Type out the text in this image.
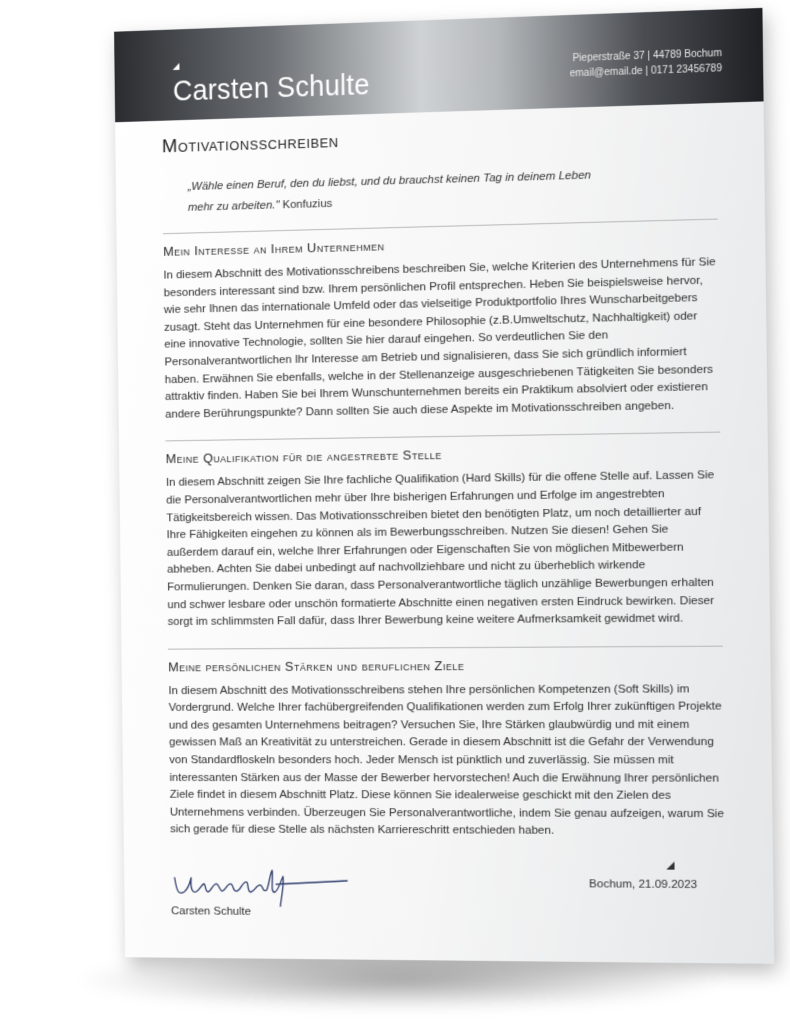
Carsten Schulte
Pieperstraße 37 | 44789 Bochum
email@email.de | 0171 23456789
Motivationsschreiben
„Wähle einen Beruf, den du liebst, und du brauchst keinen Tag in deinem Leben mehr zu arbeiten." Konfuzius
Mein Interesse an Ihrem Unternehmen
In diesem Abschnitt des Motivationsschreibens beschreiben Sie, welche Kriterien des Unternehmens für Sie besonders interessant sind bzw. Ihrem persönlichen Profil entsprechen. Heben Sie beispielsweise hervor, wie sehr Ihnen das internationale Umfeld oder das vielseitige Produktportfolio Ihres Wunscharbeitgebers zusagt. Steht das Unternehmen für eine besondere Philosophie (z.B.Umweltschutz, Nachhaltigkeit) oder eine innovative Technologie, sollten Sie hier darauf eingehen. So verdeutlichen Sie den Personalverantwortlichen Ihr Interesse am Betrieb und signalisieren, dass Sie sich gründlich informiert haben. Erwähnen Sie ebenfalls, welche in der Stellenanzeige ausgeschriebenen Tätigkeiten Sie besonders attraktiv finden. Haben Sie bei Ihrem Wunschunternehmen bereits ein Praktikum absolviert oder existieren andere Berührungspunkte? Dann sollten Sie auch diese Aspekte im Motivationsschreiben angeben.
Meine Qualifikation für die angestrebte Stelle
In diesem Abschnitt zeigen Sie Ihre fachliche Qualifikation (Hard Skills) für die offene Stelle auf. Lassen Sie die Personalverantwortlichen mehr über Ihre bisherigen Erfahrungen und Erfolge im angestrebten Tätigkeitsbereich wissen. Das Motivationsschreiben bietet den benötigten Platz, um noch detaillierter auf Ihre Fähigkeiten eingehen zu können als im Bewerbungsschreiben. Nutzen Sie diesen! Gehen Sie außerdem darauf ein, welche Ihrer Erfahrungen oder Eigenschaften Sie von möglichen Mitbewerbern abheben. Achten Sie dabei unbedingt auf nachvollziehbare und nicht zu überheblich wirkende Formulierungen. Denken Sie daran, dass Personalverantwortliche täglich unzählige Bewerbungen erhalten und schwer lesbare oder unschön formatierte Abschnitte einen negativen ersten Eindruck bewirken. Dieser sorgt im schlimmsten Fall dafür, dass Ihrer Bewerbung keine weitere Aufmerksamkeit gewidmet wird.
Meine persönlichen Stärken und beruflichen Ziele
In diesem Abschnitt des Motivationsschreibens stehen Ihre persönlichen Kompetenzen (Soft Skills) im Vordergrund. Welche Ihrer fachübergreifenden Qualifikationen werden zum Erfolg Ihrer zukünftigen Projekte und des gesamten Unternehmens beitragen? Versuchen Sie, Ihre Stärken glaubwürdig und mit einem gewissen Maß an Kreativität zu unterstreichen. Gerade in diesem Abschnitt ist die Gefahr der Verwendung von Standardfloskeln besonders hoch. Jeder Mensch ist pünktlich und zuverlässig. Sie müssen mit interessanten Stärken aus der Masse der Bewerber hervorstechen! Auch die Erwähnung Ihrer persönlichen Ziele findet in diesem Abschnitt Platz. Diese können Sie idealerweise geschickt mit den Zielen des Unternehmens verbinden. Überzeugen Sie Personalverantwortliche, indem Sie genau aufzeigen, warum Sie sich gerade für diese Stelle als nächsten Karriereschritt entschieden haben.
Carsten Schulte
Bochum, 21.09.2023
